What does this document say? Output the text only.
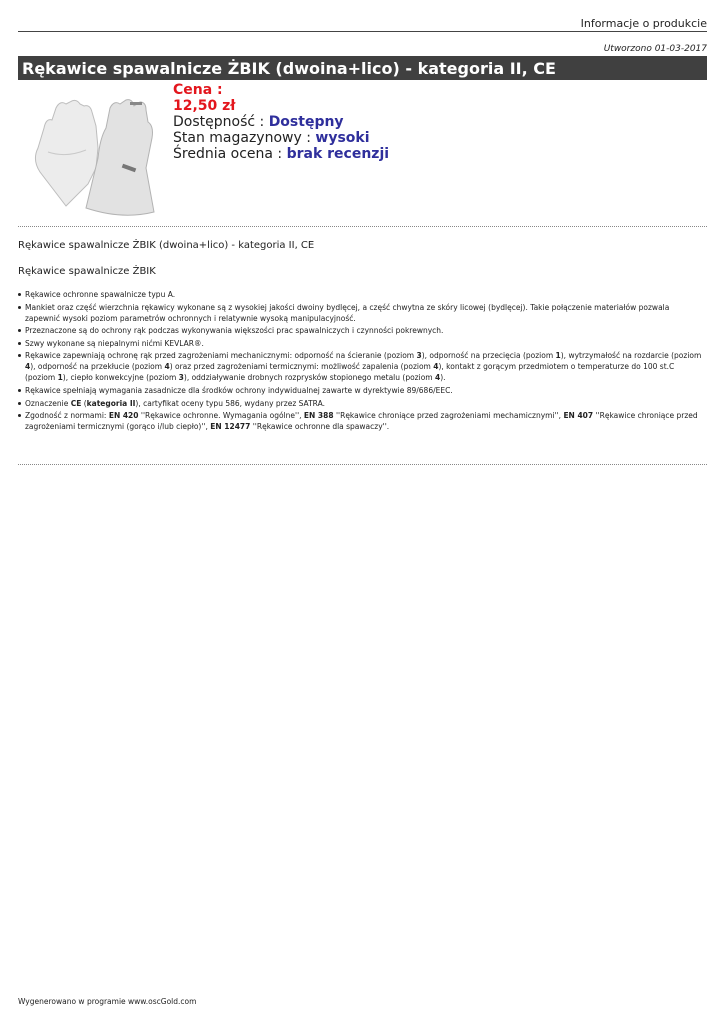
Informacje o produkcie
Utworzono 01-03-2017
Rękawice spawalnicze ŻBIK (dwoina+lico) - kategoria II, CE
Cena :
12,50 zł
Dostępność : Dostępny
Stan magazynowy : wysoki
Średnia ocena : brak recenzji
Rękawice spawalnicze ŻBIK (dwoina+lico) - kategoria II, CE
Rękawice spawalnicze ŻBIK
Rękawice ochronne spawalnicze typu A.
Mankiet oraz część wierzchnia rękawicy wykonane są z wysokiej jakości dwoiny bydlęcej, a część chwytna ze skóry licowej (bydlęcej). Takie połączenie materiałów pozwala zapewnić wysoki poziom parametrów ochronnych i relatywnie wysoką manipulacyjność.
Przeznaczone są do ochrony rąk podczas wykonywania większości prac spawalniczych i czynności pokrewnych.
Szwy wykonane są niepalnymi nićmi KEVLAR®.
Rękawice zapewniają ochronę rąk przed zagrożeniami mechanicznymi: odporność na ścieranie (poziom 3), odporność na przecięcia (poziom 1), wytrzymałość na rozdarcie (poziom 4), odporność na przekłucie (poziom 4) oraz przed zagrożeniami termicznymi: możliwość zapalenia (poziom 4), kontakt z gorącym przedmiotem o temperaturze do 100 st.C (poziom 1), ciepło konwekcyjne (poziom 3), oddziaływanie drobnych rozprysków stopionego metalu (poziom 4).
Rękawice spełniają wymagania zasadnicze dla środków ochrony indywidualnej zawarte w dyrektywie 89/686/EEC.
Oznaczenie CE (kategoria II), cartyfikat oceny typu 586, wydany przez SATRA.
Zgodność z normami: EN 420 ''Rękawice ochronne. Wymagania ogólne'', EN 388 ''Rękawice chroniące przed zagrożeniami mechamicznymi'', EN 407 ''Rękawice chroniące przed zagrożeniami termicznymi (gorąco i/lub ciepło)'', EN 12477 ''Rękawice ochronne dla spawaczy''.
Wygenerowano w programie www.oscGold.com
